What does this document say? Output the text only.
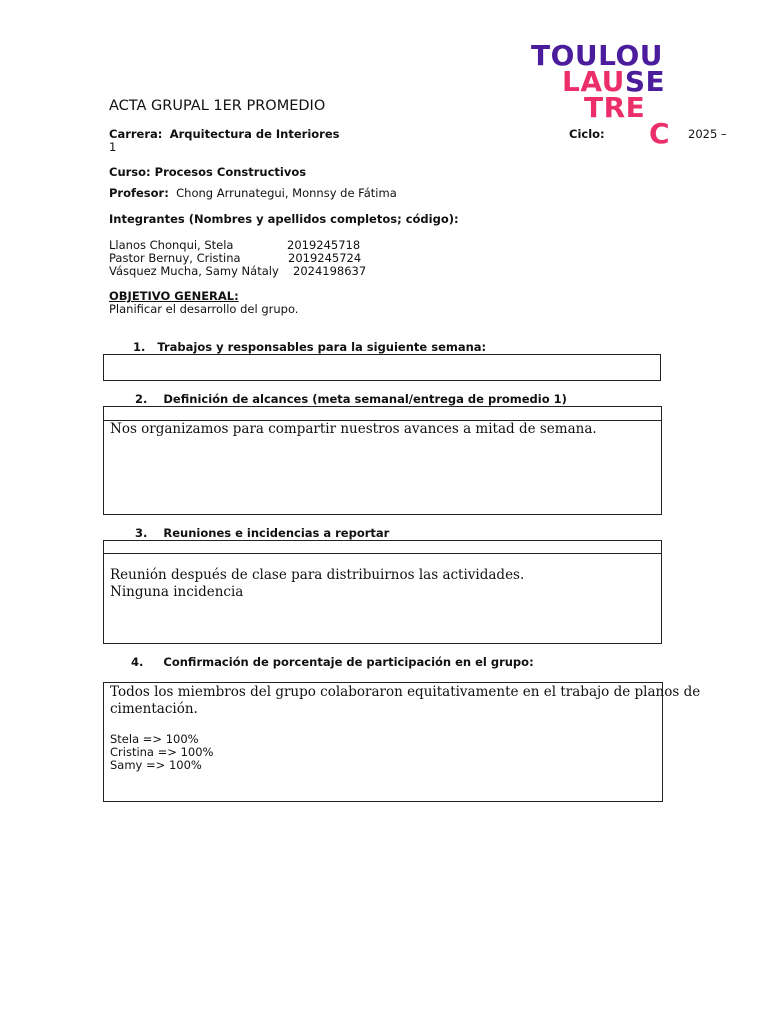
TOULOU
LAUSE
TRE
C
ACTA GRUPAL 1ER PROMEDIO
Carrera: Arquitectura de Interiores	Ciclo:	2025 –
1
Curso: Procesos Constructivos
Profesor: Chong Arrunategui, Monnsy de Fátima
Integrantes (Nombres y apellidos completos; código):
Llanos Chonqui, Stela	2019245718
Pastor Bernuy, Cristina	2019245724
Vásquez Mucha, Samy Nátaly 2024198637
OBJETIVO GENERAL:
Planificar el desarrollo del grupo.
1. Trabajos y responsables para la siguiente semana:
2. Definición de alcances (meta semanal/entrega de promedio 1)
Nos organizamos para compartir nuestros avances a mitad de semana.
3. Reuniones e incidencias a reportar
Reunión después de clase para distribuirnos las actividades.
Ninguna incidencia
4. Confirmación de porcentaje de participación en el grupo:
Todos los miembros del grupo colaboraron equitativamente en el trabajo de planos de
cimentación.
Stela => 100%
Cristina => 100%
Samy => 100%
